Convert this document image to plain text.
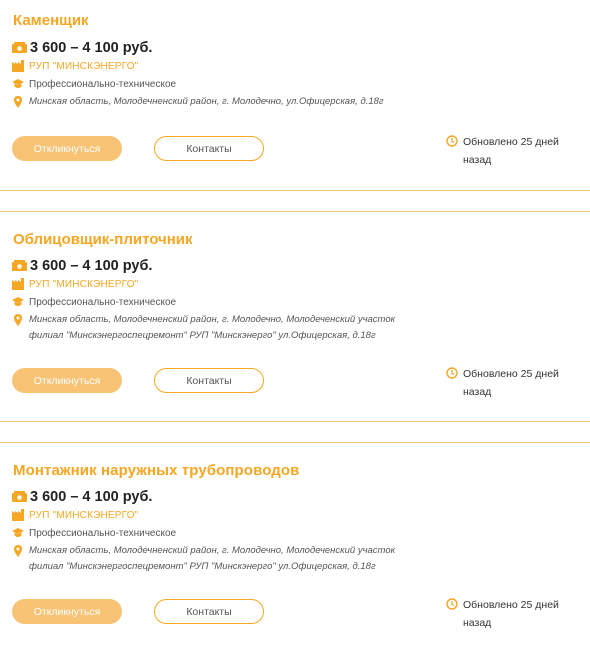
Каменщик
3 600 – 4 100 руб.
РУП "МИНСКЭНЕРГО"
Профессионально-техническое
Минская область, Молодечненский район, г. Молодечно, ул.Офицерская, д.18г
Откликнуться	Контакты
Обновлено 25 дней назад
Облицовщик-плиточник
3 600 – 4 100 руб.
РУП "МИНСКЭНЕРГО"
Профессионально-техническое
Минская область, Молодечненский район, г. Молодечно, Молодеченский участок
филиал "Минскэнергоспецремонт" РУП "Минскэнерго" ул.Офицерская, д.18г
Откликнуться	Контакты
Обновлено 25 дней назад
Монтажник наружных трубопроводов
3 600 – 4 100 руб.
РУП "МИНСКЭНЕРГО"
Профессионально-техническое
Минская область, Молодечненский район, г. Молодечно, Молодеченский участок
филиал "Минскэнергоспецремонт" РУП "Минскэнерго" ул.Офицерская, д.18г
Откликнуться	Контакты
Обновлено 25 дней назад
